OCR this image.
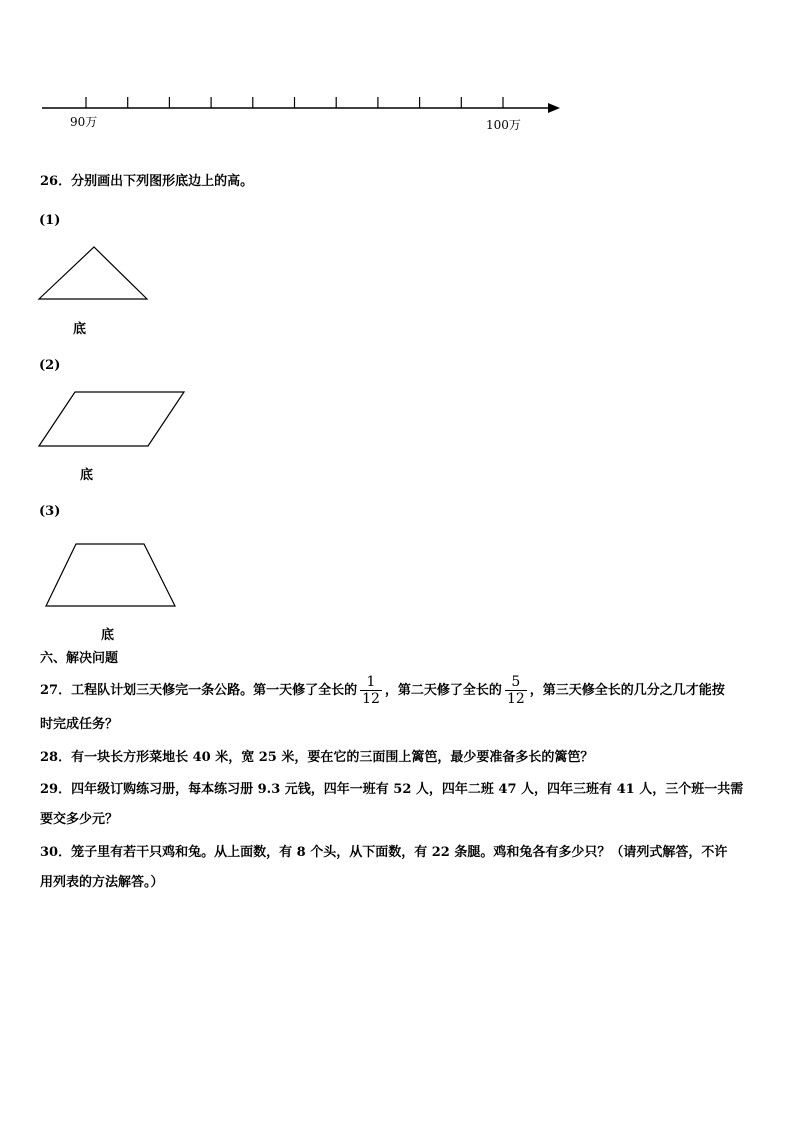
90万	100万
26．分别画出下列图形底边上的高。
(1)
底
(2)
底
(3)
底
六、解决问题
27．工程队计划三天修完一条公路。第一天修了全长的 $\frac{1}{12}$ ，第二天修了全长的 $\frac{5}{12}$ ，第三天修全长的几分之几才能按
时完成任务？
28．有一块长方形菜地长 40 米，宽 25 米，要在它的三面围上篱笆，最少要准备多长的篱笆？
29．四年级订购练习册，每本练习册 9.3 元钱，四年一班有 52 人，四年二班 47 人，四年三班有 41 人，三个班一共需
要交多少元？
30．笼子里有若干只鸡和兔。从上面数，有 8 个头，从下面数，有 22 条腿。鸡和兔各有多少只？（请列式解答，不许
用列表的方法解答。）
